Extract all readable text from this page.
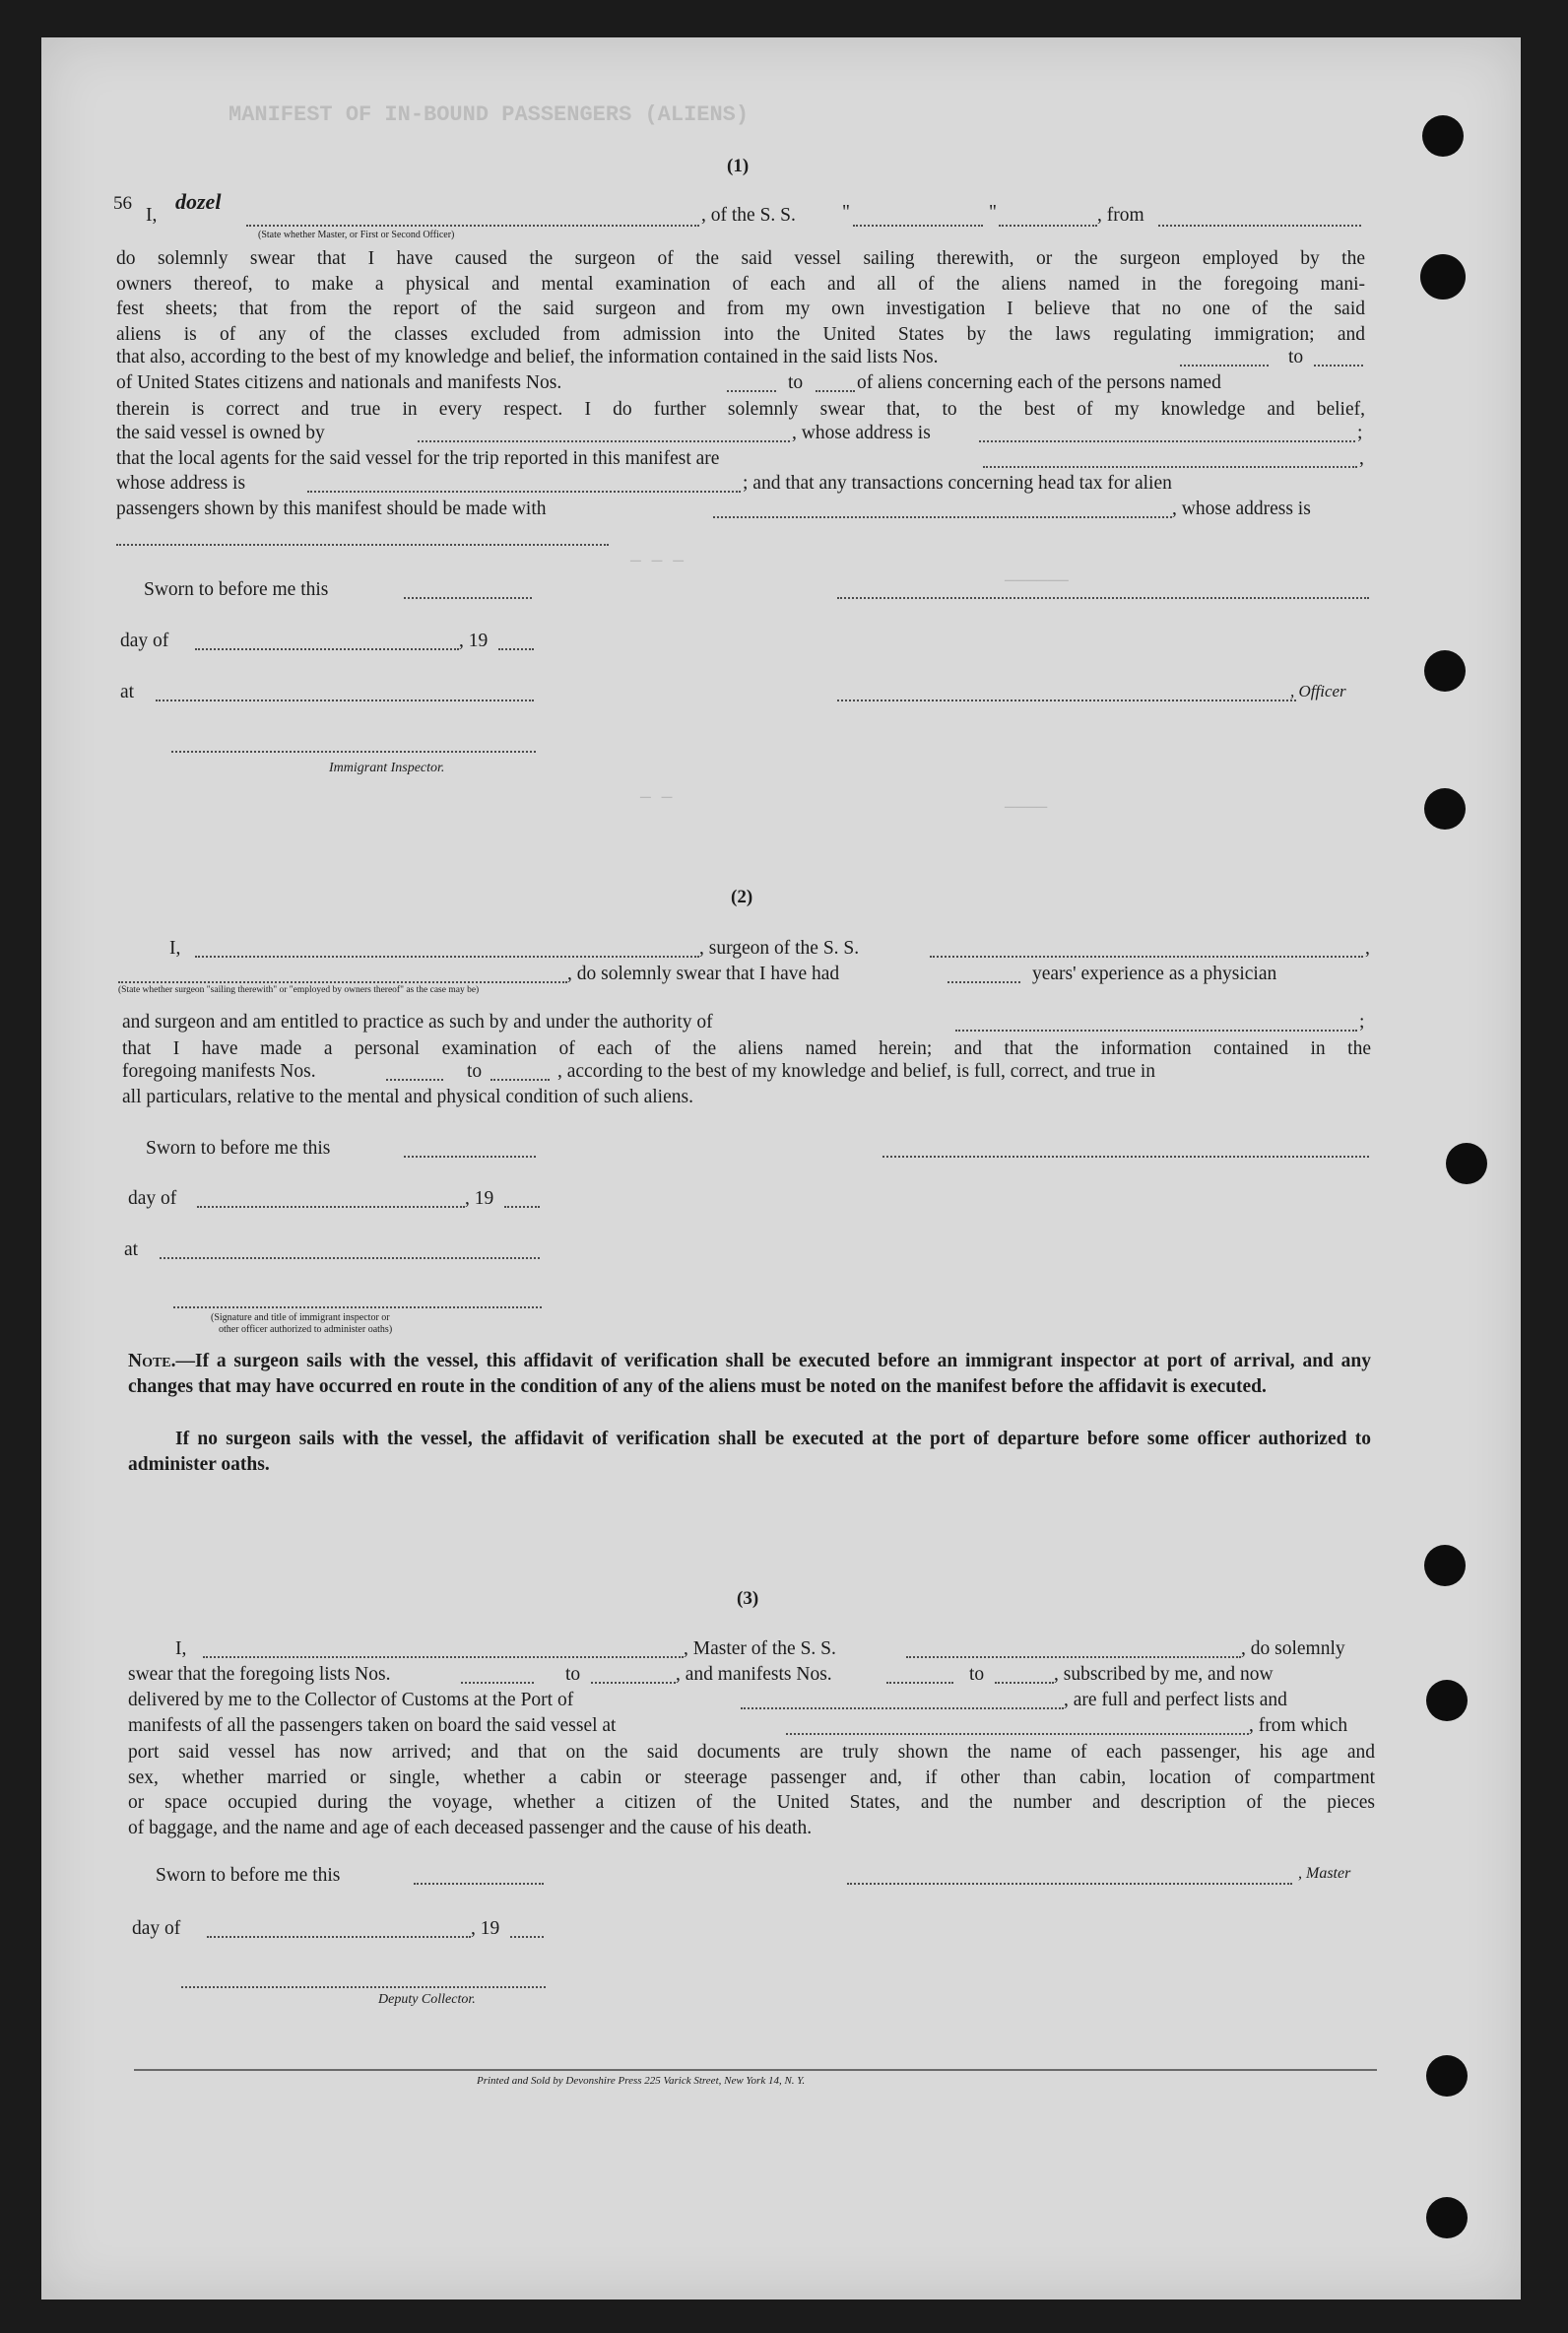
MANIFEST OF IN-BOUND PASSENGERS (ALIENS)
— — —
——————
— —	————
(1)
56
I,
dozel
, of the S. S. "	"	, from
(State whether Master, or First or Second Officer)
do solemnly swear that I have caused the surgeon of the said vessel sailing therewith, or the surgeon employed by the
owners thereof, to make a physical and mental examination of each and all of the aliens named in the foregoing mani-
fest sheets; that from the report of the said surgeon and from my own investigation I believe that no one of the said
aliens is of any of the classes excluded from admission into the United States by the laws regulating immigration; and
that also, according to the best of my knowledge and belief, the information contained in the said lists Nos.	to
of United States citizens and nationals and manifests Nos.	to	of aliens concerning each of the persons named
therein is correct and true in every respect. I do further solemnly swear that, to the best of my knowledge and belief,
the said vessel is owned by	, whose address is	;
that the local agents for the said vessel for the trip reported in this manifest are	,
whose address is	; and that any transactions concerning head tax for alien
passengers shown by this manifest should be made with	, whose address is
Sworn to before me this
day of	, 19
at	, Officer
Immigrant Inspector.
(2)
I,	, surgeon of the S. S.	,
, do solemnly swear that I have had	years' experience as a physician
(State whether surgeon "sailing therewith" or "employed by owners thereof" as the case may be)
and surgeon and am entitled to practice as such by and under the authority of	;
that I have made a personal examination of each of the aliens named herein; and that the information contained in the
foregoing manifests Nos.	to	, according to the best of my knowledge and belief, is full, correct, and true in
all particulars, relative to the mental and physical condition of such aliens.
Sworn to before me this
day of	, 19
at
(Signature and title of immigrant inspector or
other officer authorized to administer oaths)
Note.—If a surgeon sails with the vessel, this affidavit of verification shall be executed before an immigrant inspector at port of arrival, and any changes that may have occurred en route in the condition of any of the aliens must be noted on the manifest before the affidavit is executed.
If no surgeon sails with the vessel, the affidavit of verification shall be executed at the port of departure before some officer authorized to administer oaths.
(3)
I,	, Master of the S. S.	, do solemnly
swear that the foregoing lists Nos.	to	, and manifests Nos.	to	, subscribed by me, and now
delivered by me to the Collector of Customs at the Port of	, are full and perfect lists and
manifests of all the passengers taken on board the said vessel at	, from which
port said vessel has now arrived; and that on the said documents are truly shown the name of each passenger, his age and
sex, whether married or single, whether a cabin or steerage passenger and, if other than cabin, location of compartment
or space occupied during the voyage, whether a citizen of the United States, and the number and description of the pieces
of baggage, and the name and age of each deceased passenger and the cause of his death.
Sworn to before me this	, Master
day of	, 19
Deputy Collector.
Printed and Sold by Devonshire Press 225 Varick Street, New York 14, N. Y.
